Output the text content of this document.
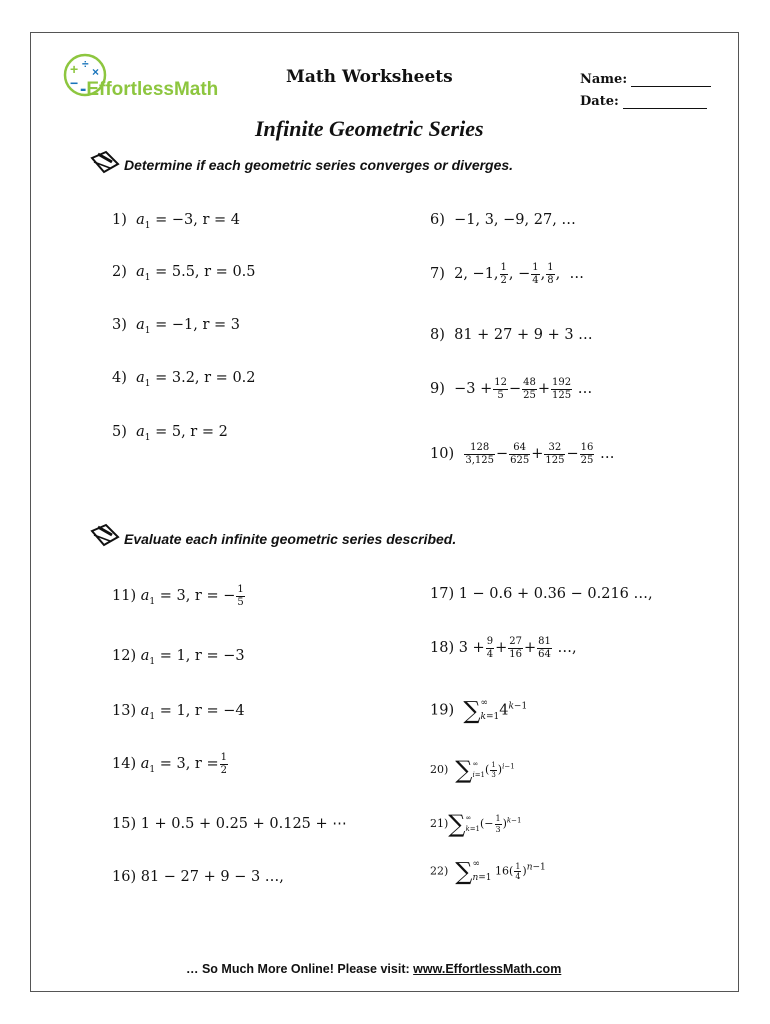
+ ÷
×
− -EffortlessMath
Math Worksheets	Name:
Date:
Infinite Geometric Series
Determine if each geometric series converges or diverges.
1) $a_1 = -3$, r = 4
2) $a_1 = 5.5$, r = 0.5
3) $a_1 = -1$, r = 3
4) $a_1 = 3.2$, r = 0.2
5) $a_1 = 5$, r = 2
6) −1, 3, −9, 27, …
7)  2, −1, $\frac{1}{2}$ , − $\frac{1}{4}$ , $\frac{1}{8}$ ,  …
8) 81 + 27 + 9 + 3 …
$9) -3 + \frac{12}{5} - \frac{48}{25} + \frac{192}{125}$ …
$10) \frac{128}{3,125} - \frac{64}{625} + \frac{32}{125} - \frac{16}{25}$ …
Evaluate each infinite geometric series described.
11) $a_1 = 3$, r = − $\frac{1}{5}$
12) $a_1 = 1$, r = −3
13) $a_1 = 1$, r = −4
14) $a_1 = 3$, $r = \frac{1}{2}$
15) 1 + 0.5 + 0.25 + 0.125 + ⋯
16) 81 − 27 + 9 − 3 …,
17) 1 − 0.6 + 0.36 − 0.216 …,
18) $3 + \frac{9}{4} + \frac{27}{16} + \frac{81}{64}$ …,
19) ∑∞
$k=14^{k-1}$
20) ∑∞
$i=1( \frac{1}{3} )^{i-1}$
21)∑∞
$k=1(- \frac{1}{3} )^{k-1}$
22) ∑∞
n=1 $16( \frac{1}{4} )^{n-1}$
… So Much More Online! Please visit: www.EffortlessMath.com
